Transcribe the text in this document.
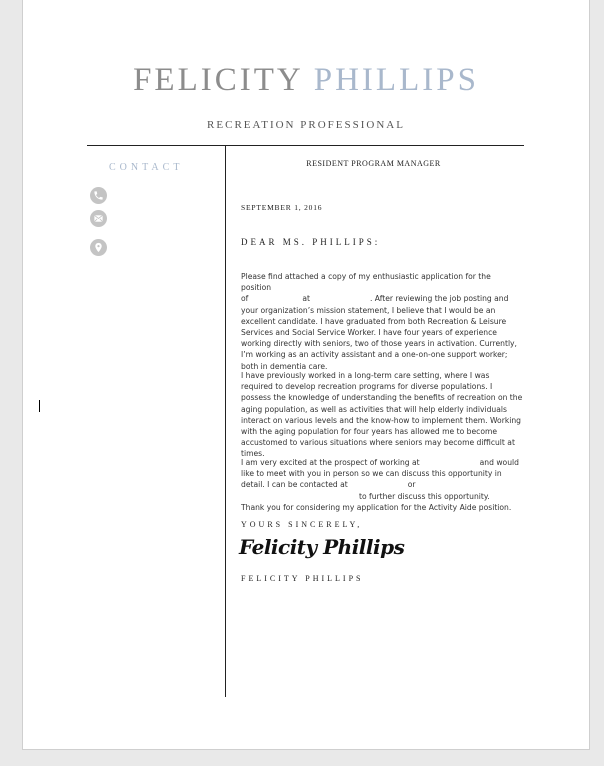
FELICITY PHILLIPS
RECREATION PROFESSIONAL
CONTACT	RESIDENT PROGRAM MANAGER
SEPTEMBER 1, 2016
DEAR MS. PHILLIPS:
Please find attached a copy of my enthusiastic application for the position
of	at	. After reviewing the job posting and
your organization’s mission statement, I believe that I would be an excellent candidate. I have graduated from both Recreation & Leisure Services and Social Service Worker. I have four years of experience working directly with seniors, two of those years in activation. Currently, I’m working as an activity assistant and a one-on-one support worker; both in dementia care.
I have previously worked in a long-term care setting, where I was required to develop recreation programs for diverse populations. I possess the knowledge of understanding the benefits of recreation on the aging population, as well as activities that will help elderly individuals interact on various levels and the know-how to implement them. Working with the aging population for four years has allowed me to become accustomed to various situations where seniors may become difficult at times.
I am very excited at the prospect of working at	and would
like to meet with you in person so we can discuss this opportunity in
detail. I can be contacted at	or
to further discuss this opportunity.
Thank you for considering my application for the Activity Aide position.
YOURS SINCERELY,
Felicity Phillips
FELICITY PHILLIPS
